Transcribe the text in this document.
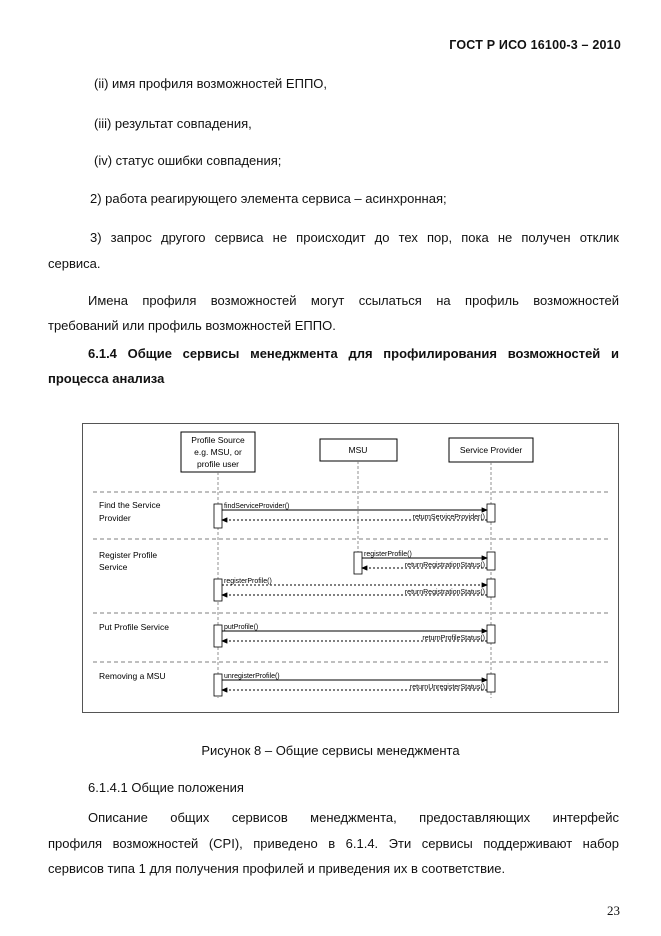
ГОСТ Р ИСО 16100-3 – 2010
(ii) имя профиля возможностей ЕППО,
(iii) результат совпадения,
(iv) статус ошибки совпадения;
2) работа реагирующего элемента сервиса – асинхронная;
3) запрос другого сервиса не происходит до тех пор, пока не получен отклик
сервиса.
Имена профиля возможностей могут ссылаться на профиль возможностей
требований или профиль возможностей ЕППО.
6.1.4 Общие сервисы менеджмента для профилирования возможностей и
процесса анализа
Profile Source
e.g. MSU, or
profile user
MSU	Service Provider
Find the Service
Provider
Register Profile
Service
Put Profile Service
Removing a MSU
findServiceProvider()
returnServiceProvider()
registerProfile()
returnRegistrationStatus()
registerProfile()
returnRegistrationStatus()
putProfile()
returnProfileStatus()
unregisterProfile()
returnUnregisterStatus()
Рисунок 8 – Общие сервисы менеджмента
6.1.4.1 Общие положения
Описание общих сервисов менеджмента, предоставляющих интерфейс
профиля возможностей (CPI), приведено в 6.1.4. Эти сервисы поддерживают набор
сервисов типа 1 для получения профилей и приведения их в соответствие.
23
